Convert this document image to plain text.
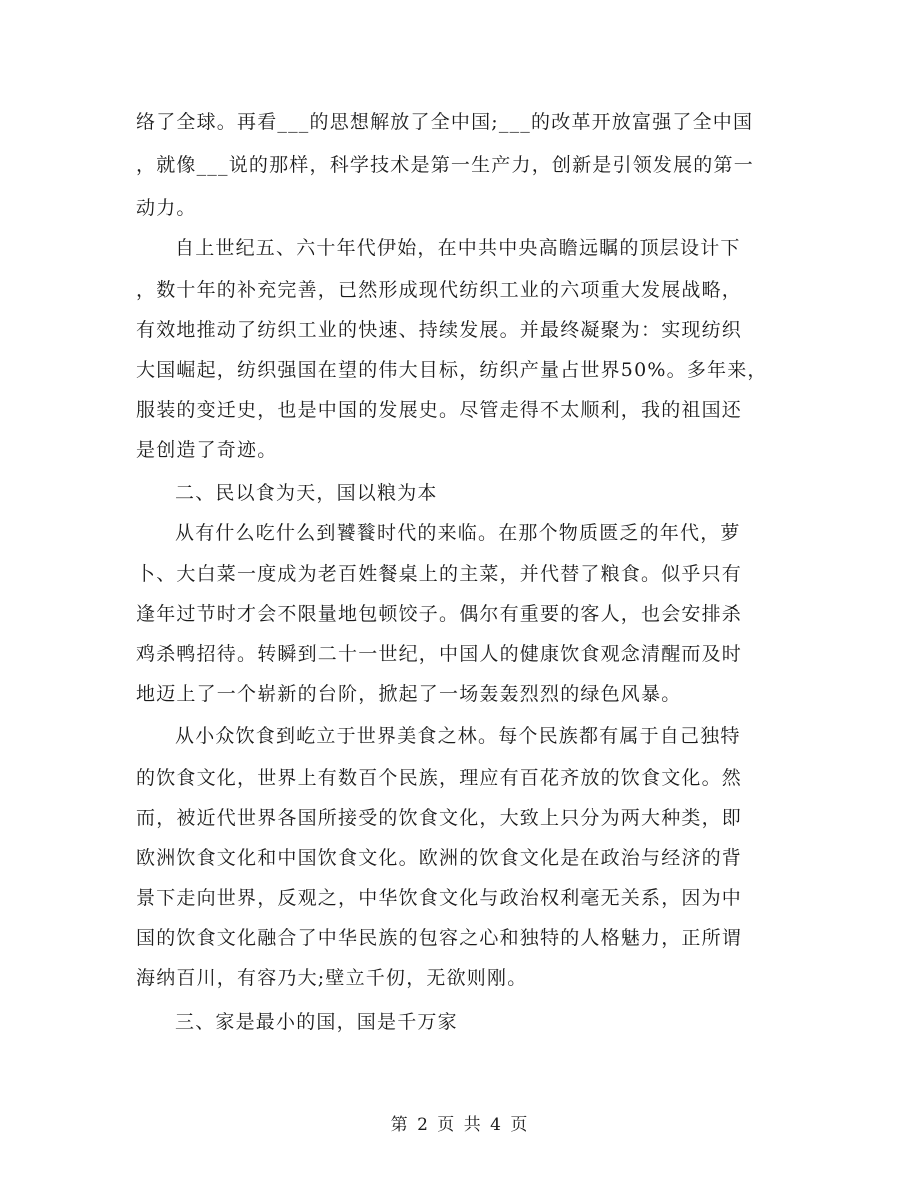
络了全球。再看___的思想解放了全中国;___的改革开放富强了全中国
，就像___说的那样，科学技术是第一生产力，创新是引领发展的第一
动力。
自上世纪五、六十年代伊始，在中共中央高瞻远瞩的顶层设计下
，数十年的补充完善，已然形成现代纺织工业的六项重大发展战略，
有效地推动了纺织工业的快速、持续发展。并最终凝聚为：实现纺织
大国崛起，纺织强国在望的伟大目标，纺织产量占世界50%。多年来，
服装的变迁史，也是中国的发展史。尽管走得不太顺利，我的祖国还
是创造了奇迹。
二、民以食为天，国以粮为本
从有什么吃什么到饕餮时代的来临。在那个物质匮乏的年代，萝
卜、大白菜一度成为老百姓餐桌上的主菜，并代替了粮食。似乎只有
逢年过节时才会不限量地包顿饺子。偶尔有重要的客人，也会安排杀
鸡杀鸭招待。转瞬到二十一世纪，中国人的健康饮食观念清醒而及时
地迈上了一个崭新的台阶，掀起了一场轰轰烈烈的绿色风暴。
从小众饮食到屹立于世界美食之林。每个民族都有属于自己独特
的饮食文化，世界上有数百个民族，理应有百花齐放的饮食文化。然
而，被近代世界各国所接受的饮食文化，大致上只分为两大种类，即
欧洲饮食文化和中国饮食文化。欧洲的饮食文化是在政治与经济的背
景下走向世界，反观之，中华饮食文化与政治权利毫无关系，因为中
国的饮食文化融合了中华民族的包容之心和独特的人格魅力，正所谓
海纳百川，有容乃大;壁立千仞，无欲则刚。
三、家是最小的国，国是千万家
第 2 页 共 4 页
